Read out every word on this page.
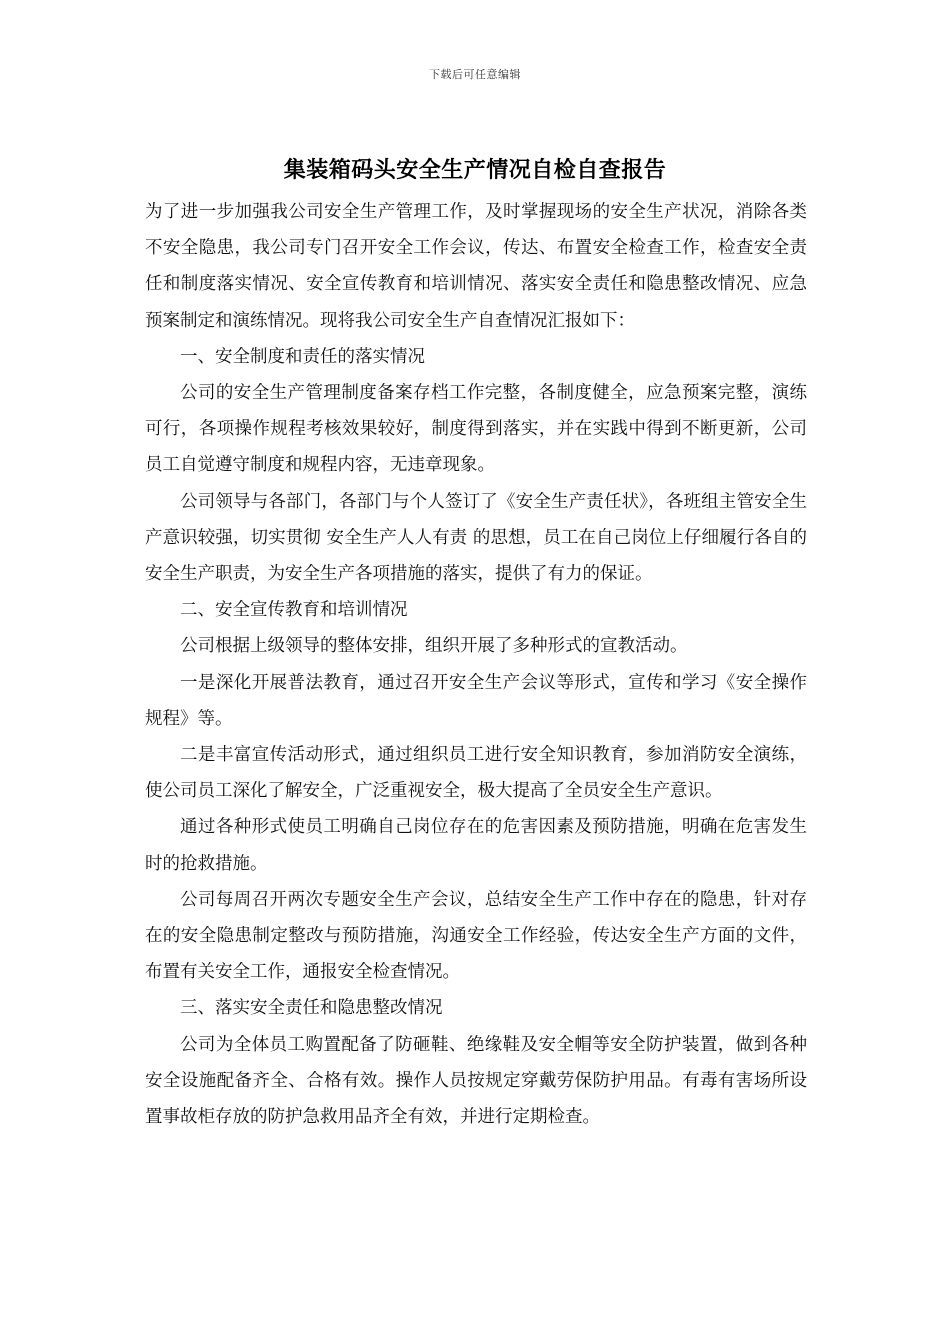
下载后可任意编辑
集装箱码头安全生产情况自检自查报告

为了进一步加强我公司安全生产管理工作，及时掌握现场的安全生产状况，消除各类不安全隐患，我公司专门召开安全工作会议，传达、布置安全检查工作，检查安全责任和制度落实情况、安全宣传教育和培训情况、落实安全责任和隐患整改情况、应急预案制定和演练情况。现将我公司安全生产自查情况汇报如下：

一、安全制度和责任的落实情况

公司的安全生产管理制度备案存档工作完整，各制度健全，应急预案完整，演练可行，各项操作规程考核效果较好，制度得到落实，并在实践中得到不断更新，公司员工自觉遵守制度和规程内容，无违章现象。

公司领导与各部门，各部门与个人签订了《安全生产责任状》，各班组主管安全生产意识较强，切实贯彻 安全生产人人有责 的思想，员工在自己岗位上仔细履行各自的安全生产职责，为安全生产各项措施的落实，提供了有力的保证。

二、安全宣传教育和培训情况

公司根据上级领导的整体安排，组织开展了多种形式的宣教活动。

一是深化开展普法教育，通过召开安全生产会议等形式，宣传和学习《安全操作规程》等。

二是丰富宣传活动形式，通过组织员工进行安全知识教育，参加消防安全演练，使公司员工深化了解安全，广泛重视安全，极大提高了全员安全生产意识。

通过各种形式使员工明确自己岗位存在的危害因素及预防措施，明确在危害发生时的抢救措施。

公司每周召开两次专题安全生产会议，总结安全生产工作中存在的隐患，针对存在的安全隐患制定整改与预防措施，沟通安全工作经验，传达安全生产方面的文件，布置有关安全工作，通报安全检查情况。

三、落实安全责任和隐患整改情况

公司为全体员工购置配备了防砸鞋、绝缘鞋及安全帽等安全防护装置，做到各种安全设施配备齐全、合格有效。操作人员按规定穿戴劳保防护用品。有毒有害场所设置事故柜存放的防护急救用品齐全有效，并进行定期检查。
